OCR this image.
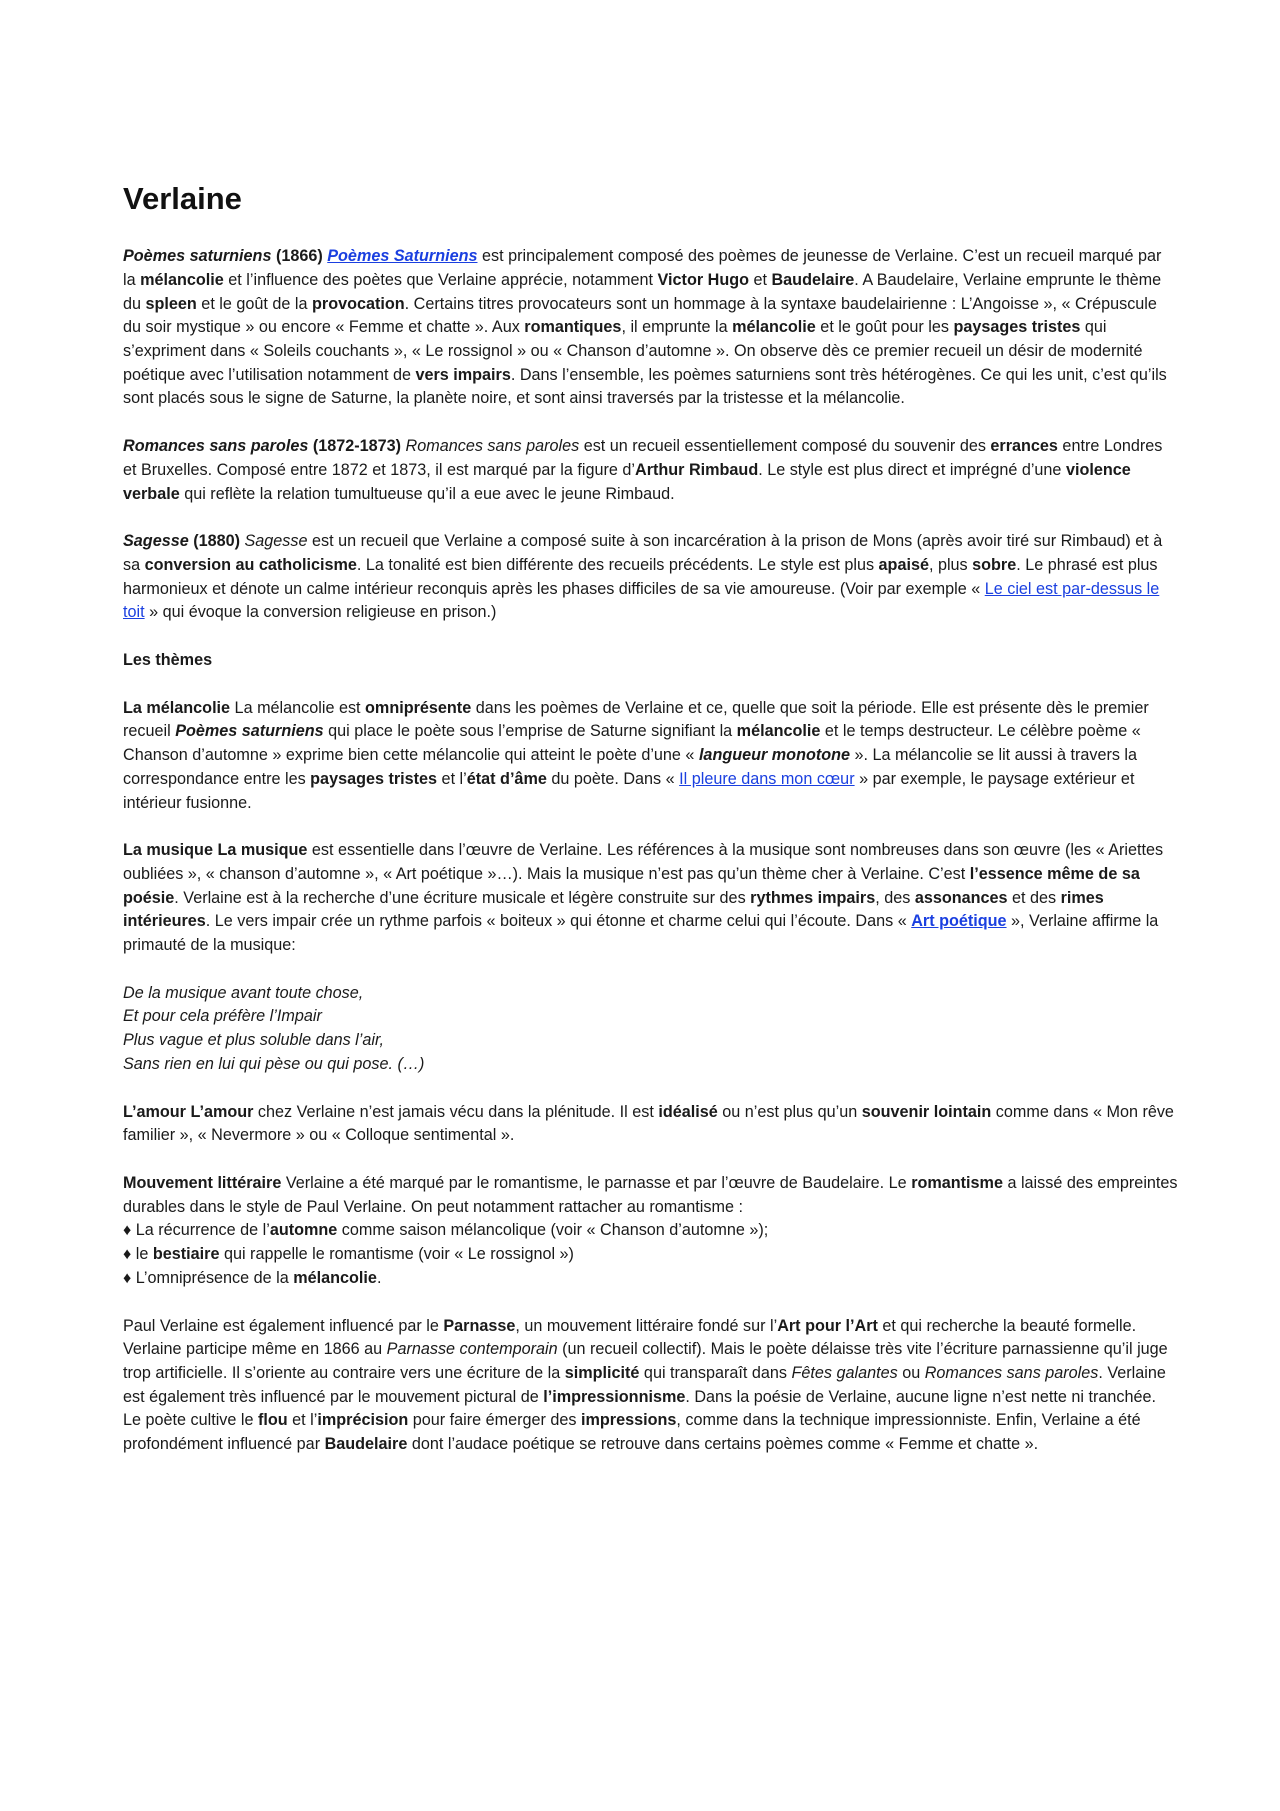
Verlaine

Poèmes saturniens (1866) Poèmes Saturniens est principalement composé des poèmes de jeunesse de Verlaine. C’est un recueil marqué par la mélancolie et l’influence des poètes que Verlaine apprécie, notamment Victor Hugo et Baudelaire. A Baudelaire, Verlaine emprunte le thème du spleen et le goût de la provocation. Certains titres provocateurs sont un hommage à la syntaxe baudelairienne : L’Angoisse », « Crépuscule du soir mystique » ou encore « Femme et chatte ». Aux romantiques, il emprunte la mélancolie et le goût pour les paysages tristes qui s’expriment dans « Soleils couchants », « Le rossignol » ou « Chanson d’automne ». On observe dès ce premier recueil un désir de modernité poétique avec l’utilisation notamment de vers impairs. Dans l’ensemble, les poèmes saturniens sont très hétérogènes. Ce qui les unit, c’est qu’ils sont placés sous le signe de Saturne, la planète noire, et sont ainsi traversés par la tristesse et la mélancolie.

Romances sans paroles (1872-1873) Romances sans paroles est un recueil essentiellement composé du souvenir des errances entre Londres et Bruxelles. Composé entre 1872 et 1873, il est marqué par la figure d’Arthur Rimbaud. Le style est plus direct et imprégné d’une violence verbale qui reflète la relation tumultueuse qu’il a eue avec le jeune Rimbaud.

Sagesse (1880) Sagesse est un recueil que Verlaine a composé suite à son incarcération à la prison de Mons (après avoir tiré sur Rimbaud) et à sa conversion au catholicisme. La tonalité est bien différente des recueils précédents. Le style est plus apaisé, plus sobre. Le phrasé est plus harmonieux et dénote un calme intérieur reconquis après les phases difficiles de sa vie amoureuse. (Voir par exemple « Le ciel est par-dessus le toit » qui évoque la conversion religieuse en prison.)

Les thèmes

La mélancolie La mélancolie est omniprésente dans les poèmes de Verlaine et ce, quelle que soit la période. Elle est présente dès le premier recueil Poèmes saturniens qui place le poète sous l’emprise de Saturne signifiant la mélancolie et le temps destructeur. Le célèbre poème « Chanson d’automne » exprime bien cette mélancolie qui atteint le poète d’une « langueur monotone ». La mélancolie se lit aussi à travers la correspondance entre les paysages tristes et l’état d’âme du poète. Dans « Il pleure dans mon cœur » par exemple, le paysage extérieur et intérieur fusionne.

La musique La musique est essentielle dans l’œuvre de Verlaine. Les références à la musique sont nombreuses dans son œuvre (les « Ariettes oubliées », « chanson d’automne », « Art poétique »…). Mais la musique n’est pas qu’un thème cher à Verlaine. C’est l’essence même de sa poésie. Verlaine est à la recherche d’une écriture musicale et légère construite sur des rythmes impairs, des assonances et des rimes intérieures. Le vers impair crée un rythme parfois « boiteux » qui étonne et charme celui qui l’écoute. Dans « Art poétique », Verlaine affirme la primauté de la musique:

De la musique avant toute chose,
Et pour cela préfère l’Impair
Plus vague et plus soluble dans l’air,
Sans rien en lui qui pèse ou qui pose. (…)

L’amour L’amour chez Verlaine n’est jamais vécu dans la plénitude. Il est idéalisé ou n’est plus qu’un souvenir lointain comme dans « Mon rêve familier », « Nevermore » ou « Colloque sentimental ».

Mouvement littéraire Verlaine a été marqué par le romantisme, le parnasse et par l’œuvre de Baudelaire. Le romantisme a laissé des empreintes durables dans le style de Paul Verlaine. On peut notamment rattacher au romantisme :

♦ La récurrence de l’automne comme saison mélancolique (voir « Chanson d’automne »);
♦ le bestiaire qui rappelle le romantisme (voir « Le rossignol »)
♦ L’omniprésence de la mélancolie.

Paul Verlaine est également influencé par le Parnasse, un mouvement littéraire fondé sur l’Art pour l’Art et qui recherche la beauté formelle. Verlaine participe même en 1866 au Parnasse contemporain (un recueil collectif). Mais le poète délaisse très vite l’écriture parnassienne qu’il juge trop artificielle. Il s’oriente au contraire vers une écriture de la simplicité qui transparaît dans Fêtes galantes ou Romances sans paroles. Verlaine est également très influencé par le mouvement pictural de l’impressionnisme. Dans la poésie de Verlaine, aucune ligne n’est nette ni tranchée. Le poète cultive le flou et l’imprécision pour faire émerger des impressions, comme dans la technique impressionniste. Enfin, Verlaine a été profondément influencé par Baudelaire dont l’audace poétique se retrouve dans certains poèmes comme « Femme et chatte ».
